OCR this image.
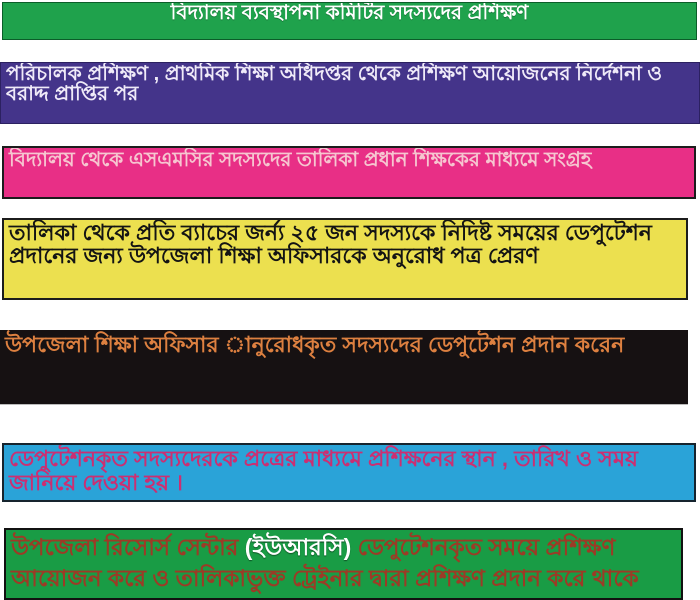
বিদ্যালয় ব্যবস্থাপনা কমিটির সদস্যদের প্রশিক্ষণ
পরিচালক প্রশিক্ষণ , প্রাথমিক শিক্ষা অধিদপ্তর থেকে প্রশিক্ষণ আয়োজনের নির্দেশনা ও বরাদ্দ প্রাপ্তির পর
বিদ্যালয় থেকে এসএমসির সদস্যদের তালিকা প্রধান শিক্ষকের মাধ্যমে সংগ্রহ
তালিকা থেকে প্রতি ব্যাচের জর্ন্য ২৫ জন সদস্যকে নিদিষ্ট সময়ের ডেপুটেশন প্রদানের জন্য উপজেলা শিক্ষা অফিসারকে অনুরোধ পত্র প্রেরণ
উপজেলা শিক্ষা অফিসার ানুরোধকৃত সদস্যদের ডেপুটেশন প্রদান করেন
ডেপুটেশনকৃত সদস্যদেরকে প্রত্রের মাধ্যমে প্রশিক্ষনের স্থান , তারিখ ও সময় জানিয়ে দেওয়া হয় ।
উপজেলা রিসোর্স সেন্টার (ইউআরসি) ডেপুটেশনকৃত সময়ে প্রশিক্ষণ আয়োজন করে ও তালিকাভুক্ত ট্রেইনার দ্বারা প্রশিক্ষণ প্রদান করে থাকে
